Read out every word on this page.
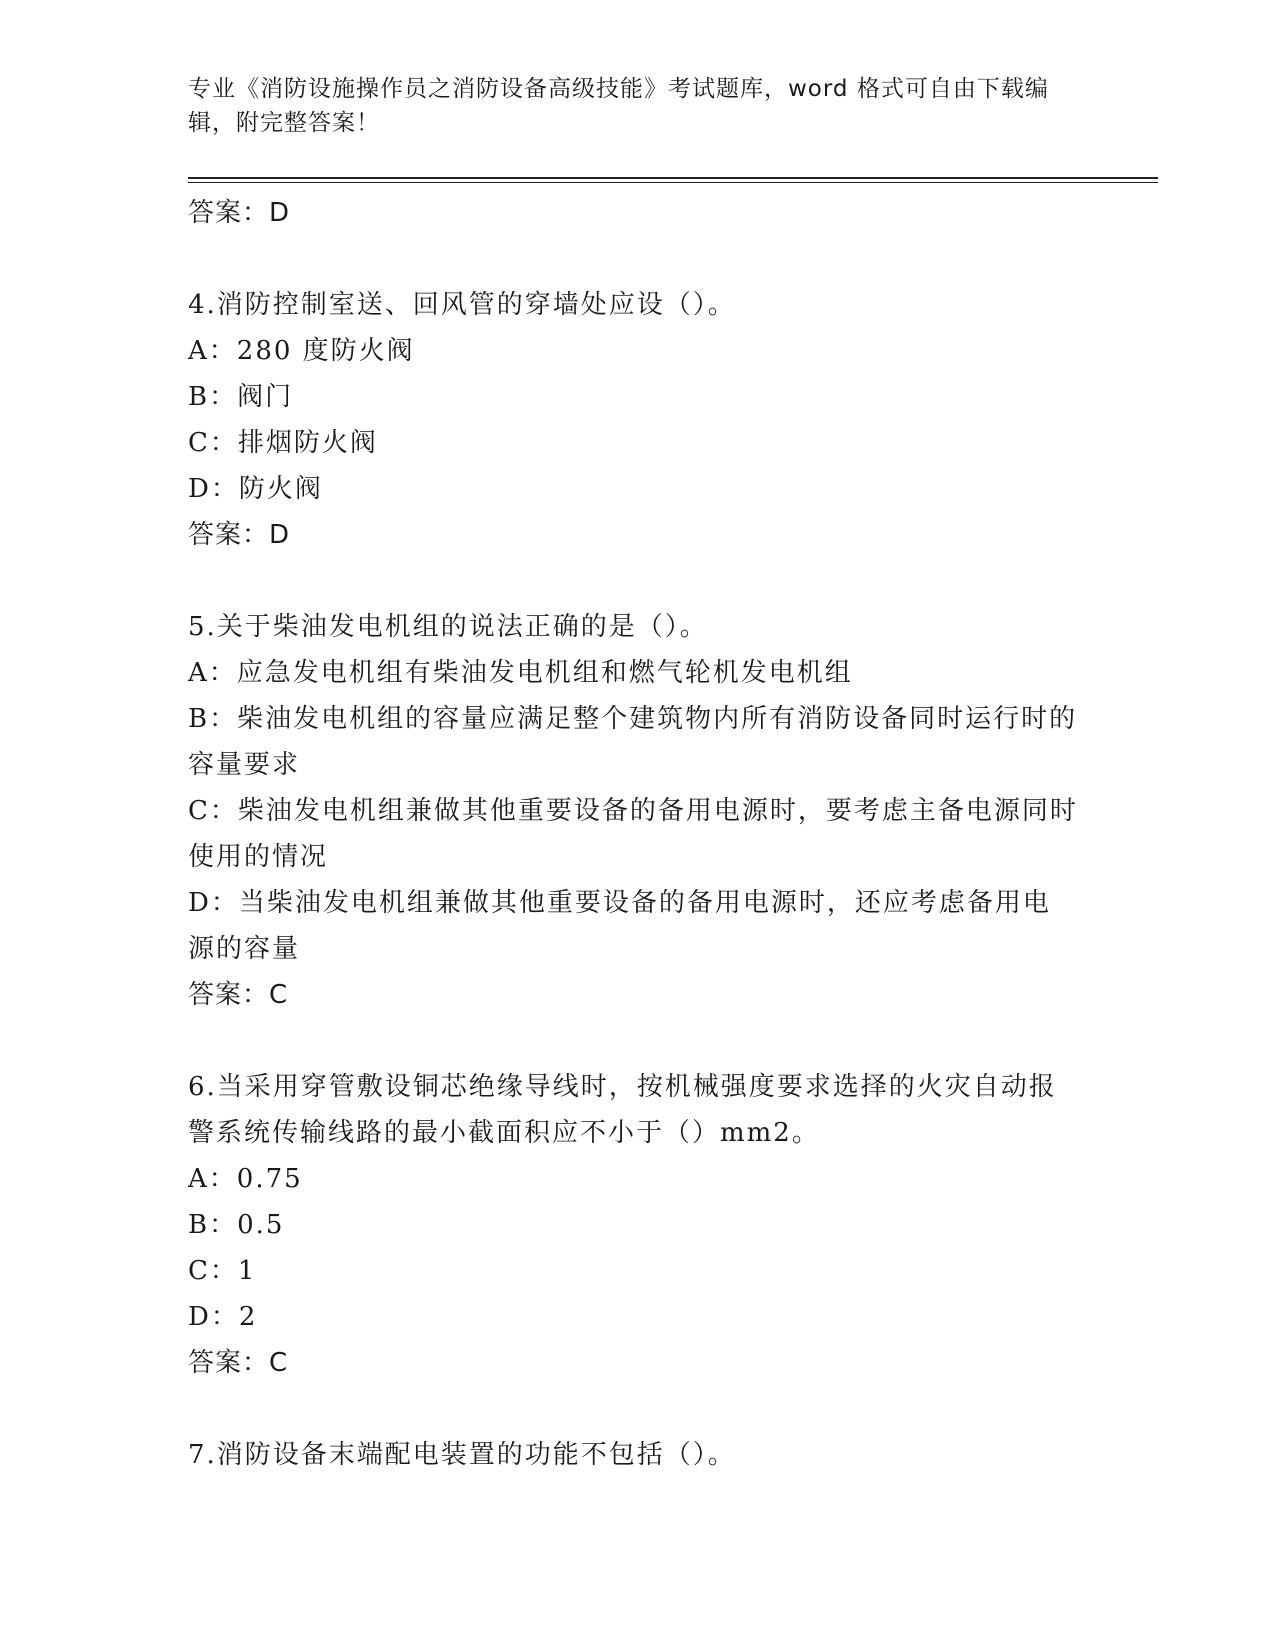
专业《消防设施操作员之消防设备高级技能》考试题库，word 格式可自由下载编辑，附完整答案！
答案：D
4.消防控制室送、回风管的穿墙处应设（）。
A：280 度防火阀
B：阀门
C：排烟防火阀
D：防火阀
答案：D
5.关于柴油发电机组的说法正确的是（）。
A：应急发电机组有柴油发电机组和燃气轮机发电机组
B：柴油发电机组的容量应满足整个建筑物内所有消防设备同时运行时的容量要求
C：柴油发电机组兼做其他重要设备的备用电源时，要考虑主备电源同时使用的情况
D：当柴油发电机组兼做其他重要设备的备用电源时，还应考虑备用电源的容量
答案：C
6.当采用穿管敷设铜芯绝缘导线时，按机械强度要求选择的火灾自动报警系统传输线路的最小截面积应不小于（）mm2。
A：0.75
B：0.5
C：1
D：2
答案：C
7.消防设备末端配电装置的功能不包括（）。
